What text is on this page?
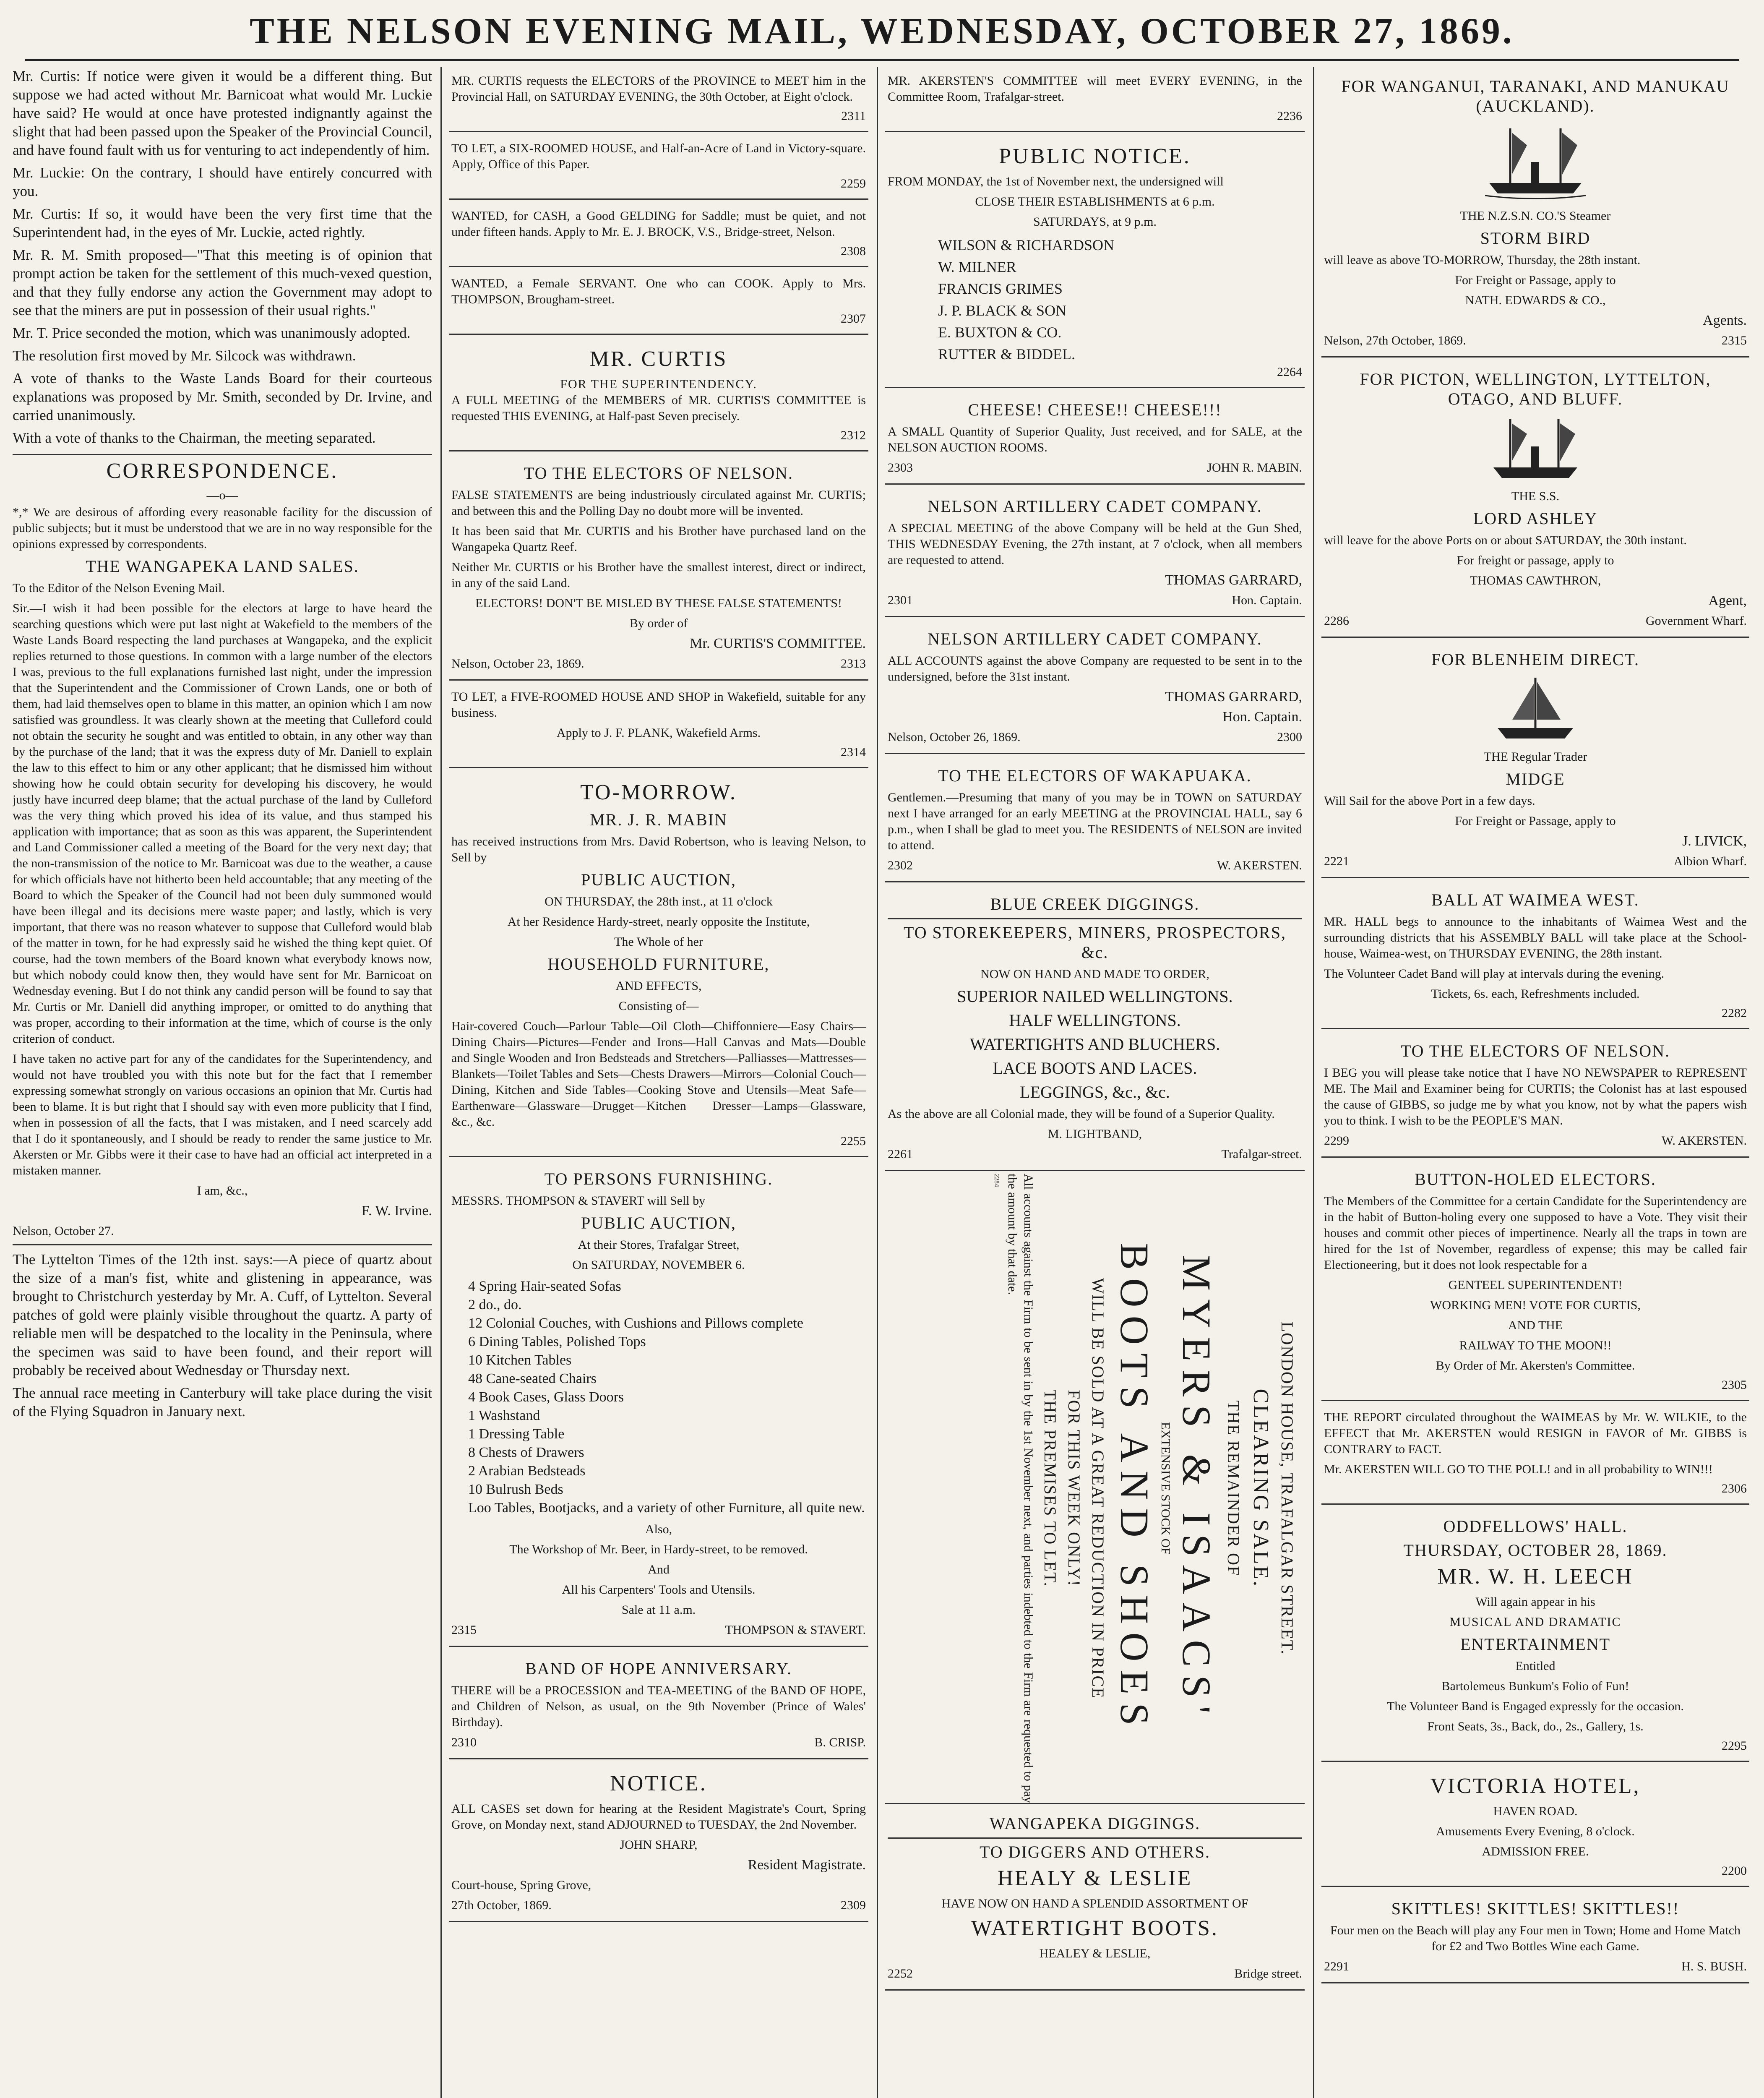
THE NELSON EVENING MAIL, WEDNESDAY, OCTOBER 27, 1869.

Mr. Curtis: If notice were given it would be a different thing. But suppose we had acted without Mr. Barnicoat what would Mr. Luckie have said? He would at once have protested indignantly against the slight that had been passed upon the Speaker of the Provincial Council, and have found fault with us for venturing to act independently of him.

Mr. Luckie: On the contrary, I should have entirely concurred with you.

Mr. Curtis: If so, it would have been the very first time that the Superintendent had, in the eyes of Mr. Luckie, acted rightly.

Mr. R. M. Smith proposed—"That this meeting is of opinion that prompt action be taken for the settlement of this much-vexed question, and that they fully endorse any action the Government may adopt to see that the miners are put in possession of their usual rights."

Mr. T. Price seconded the motion, which was unanimously adopted.

The resolution first moved by Mr. Silcock was withdrawn.

A vote of thanks to the Waste Lands Board for their courteous explanations was proposed by Mr. Smith, seconded by Dr. Irvine, and carried unanimously.

With a vote of thanks to the Chairman, the meeting separated.

CORRESPONDENCE.
—o—

*,* We are desirous of affording every reasonable facility for the discussion of public subjects; but it must be understood that we are in no way responsible for the opinions expressed by correspondents.

THE WANGAPEKA LAND SALES.

To the Editor of the Nelson Evening Mail.

Sir.—I wish it had been possible for the electors at large to have heard the searching questions which were put last night at Wakefield to the members of the Waste Lands Board respecting the land purchases at Wangapeka, and the explicit replies returned to those questions. In common with a large number of the electors I was, previous to the full explanations furnished last night, under the impression that the Superintendent and the Commissioner of Crown Lands, one or both of them, had laid themselves open to blame in this matter, an opinion which I am now satisfied was groundless. It was clearly shown at the meeting that Culleford could not obtain the security he sought and was entitled to obtain, in any other way than by the purchase of the land; that it was the express duty of Mr. Daniell to explain the law to this effect to him or any other applicant; that he dismissed him without showing how he could obtain security for developing his discovery, he would justly have incurred deep blame; that the actual purchase of the land by Culleford was the very thing which proved his idea of its value, and thus stamped his application with importance; that as soon as this was apparent, the Superintendent and Land Commissioner called a meeting of the Board for the very next day; that the non-transmission of the notice to Mr. Barnicoat was due to the weather, a cause for which officials have not hitherto been held accountable; that any meeting of the Board to which the Speaker of the Council had not been duly summoned would have been illegal and its decisions mere waste paper; and lastly, which is very important, that there was no reason whatever to suppose that Culleford would blab of the matter in town, for he had expressly said he wished the thing kept quiet. Of course, had the town members of the Board known what everybody knows now, but which nobody could know then, they would have sent for Mr. Barnicoat on Wednesday evening. But I do not think any candid person will be found to say that Mr. Curtis or Mr. Daniell did anything improper, or omitted to do anything that was proper, according to their information at the time, which of course is the only criterion of conduct.

I have taken no active part for any of the candidates for the Superintendency, and would not have troubled you with this note but for the fact that I remember expressing somewhat strongly on various occasions an opinion that Mr. Curtis had been to blame. It is but right that I should say with even more publicity that I find, when in possession of all the facts, that I was mistaken, and I need scarcely add that I do it spontaneously, and I should be ready to render the same justice to Mr. Akersten or Mr. Gibbs were it their case to have had an official act interpreted in a mistaken manner.

I am, &c.,

F. W. Irvine.

Nelson, October 27.

The Lyttelton Times of the 12th inst. says:—A piece of quartz about the size of a man's fist, white and glistening in appearance, was brought to Christchurch yesterday by Mr. A. Cuff, of Lyttelton. Several patches of gold were plainly visible throughout the quartz. A party of reliable men will be despatched to the locality in the Peninsula, where the specimen was said to have been found, and their report will probably be received about Wednesday or Thursday next.

The annual race meeting in Canterbury will take place during the visit of the Flying Squadron in January next.

MR. CURTIS requests the ELECTORS of the PROVINCE to MEET him in the Provincial Hall, on SATURDAY EVENING, the 30th October, at Eight o'clock.

2311

TO LET, a SIX-ROOMED HOUSE, and Half-an-Acre of Land in Victory-square. Apply, Office of this Paper.

2259

WANTED, for CASH, a Good GELDING for Saddle; must be quiet, and not under fifteen hands. Apply to Mr. E. J. BROCK, V.S., Bridge-street, Nelson.

2308

WANTED, a Female SERVANT. One who can COOK. Apply to Mrs. THOMPSON, Brougham-street.

2307
MR. CURTIS
FOR THE SUPERINTENDENCY.

A FULL MEETING of the MEMBERS of MR. CURTIS'S COMMITTEE is requested THIS EVENING, at Half-past Seven precisely.

2312
TO THE ELECTORS OF NELSON.

FALSE STATEMENTS are being industriously circulated against Mr. CURTIS; and between this and the Polling Day no doubt more will be invented.

It has been said that Mr. CURTIS and his Brother have purchased land on the Wangapeka Quartz Reef.

Neither Mr. CURTIS or his Brother have the smallest interest, direct or indirect, in any of the said Land.

ELECTORS! DON'T BE MISLED BY THESE FALSE STATEMENTS!

By order of

Mr. CURTIS'S COMMITTEE.

Nelson, October 23, 1869.	2313

TO LET, a FIVE-ROOMED HOUSE AND SHOP in Wakefield, suitable for any business.

Apply to J. F. PLANK, Wakefield Arms.

2314
TO-MORROW.
MR. J. R. MABIN

has received instructions from Mrs. David Robertson, who is leaving Nelson, to Sell by

PUBLIC AUCTION,

ON THURSDAY, the 28th inst., at 11 o'clock

At her Residence Hardy-street, nearly opposite the Institute,

The Whole of her

HOUSEHOLD FURNITURE,

AND EFFECTS,

Consisting of—

Hair-covered Couch—Parlour Table—Oil Cloth—Chiffonniere—Easy Chairs—Dining Chairs—Pictures—Fender and Irons—Hall Canvas and Mats—Double and Single Wooden and Iron Bedsteads and Stretchers—Palliasses—Mattresses—Blankets—Toilet Tables and Sets—Chests Drawers—Mirrors—Colonial Couch—Dining, Kitchen and Side Tables—Cooking Stove and Utensils—Meat Safe—Earthenware—Glassware—Drugget—Kitchen Dresser—Lamps—Glassware, &c., &c.

2255
TO PERSONS FURNISHING.

MESSRS. THOMPSON & STAVERT will Sell by

PUBLIC AUCTION,

At their Stores, Trafalgar Street,

On SATURDAY, NOVEMBER 6.

4 Spring Hair-seated Sofas
2 do., do.
12 Colonial Couches, with Cushions and Pillows complete
6 Dining Tables, Polished Tops
10 Kitchen Tables
48 Cane-seated Chairs
4 Book Cases, Glass Doors
1 Washstand
1 Dressing Table
8 Chests of Drawers
2 Arabian Bedsteads
10 Bulrush Beds
Loo Tables, Bootjacks, and a variety of other Furniture, all quite new.

Also,

The Workshop of Mr. Beer, in Hardy-street, to be removed.

And

All his Carpenters' Tools and Utensils.

Sale at 11 a.m.

2315	THOMPSON & STAVERT.
BAND OF HOPE ANNIVERSARY.

THERE will be a PROCESSION and TEA-MEETING of the BAND OF HOPE, and Children of Nelson, as usual, on the 9th November (Prince of Wales' Birthday).

2310	B. CRISP.
NOTICE.

ALL CASES set down for hearing at the Resident Magistrate's Court, Spring Grove, on Monday next, stand ADJOURNED to TUESDAY, the 2nd November.

JOHN SHARP,

Resident Magistrate.

Court-house, Spring Grove,

27th October, 1869.	2309

MR. AKERSTEN'S COMMITTEE will meet EVERY EVENING, in the Committee Room, Trafalgar-street.

2236
PUBLIC NOTICE.

FROM MONDAY, the 1st of November next, the undersigned will

CLOSE THEIR ESTABLISHMENTS at 6 p.m.

SATURDAYS, at 9 p.m.

WILSON & RICHARDSON
W. MILNER
FRANCIS GRIMES
J. P. BLACK & SON
E. BUXTON & CO.
RUTTER & BIDDEL.
2264
CHEESE! CHEESE!! CHEESE!!!

A SMALL Quantity of Superior Quality, Just received, and for SALE, at the NELSON AUCTION ROOMS.

2303	JOHN R. MABIN.
NELSON ARTILLERY CADET COMPANY.

A SPECIAL MEETING of the above Company will be held at the Gun Shed, THIS WEDNESDAY Evening, the 27th instant, at 7 o'clock, when all members are requested to attend.

THOMAS GARRARD,

2301	Hon. Captain.
NELSON ARTILLERY CADET COMPANY.

ALL ACCOUNTS against the above Company are requested to be sent in to the undersigned, before the 31st instant.

THOMAS GARRARD,

Hon. Captain.

Nelson, October 26, 1869.	2300
TO THE ELECTORS OF WAKAPUAKA.

Gentlemen.—Presuming that many of you may be in TOWN on SATURDAY next I have arranged for an early MEETING at the PROVINCIAL HALL, say 6 p.m., when I shall be glad to meet you. The RESIDENTS of NELSON are invited to attend.

2302	W. AKERSTEN.
BLUE CREEK DIGGINGS.
TO STOREKEEPERS, MINERS, PROSPECTORS, &c.

NOW ON HAND AND MADE TO ORDER,

SUPERIOR NAILED WELLINGTONS.
HALF WELLINGTONS.
WATERTIGHTS AND BLUCHERS.
LACE BOOTS AND LACES.
LEGGINGS, &c., &c.

As the above are all Colonial made, they will be found of a Superior Quality.

M. LIGHTBAND,

2261	Trafalgar-street.
LONDON HOUSE, TRAFALGAR STREET.
CLEARING SALE.
THE REMAINDER OF
MYERS & ISAACS'
EXTENSIVE STOCK OF
BOOTS AND SHOES
WILL BE SOLD AT A GREAT REDUCTION IN PRICE
FOR THIS WEEK ONLY!
THE PREMISES TO LET.

All accounts against the Firm to be sent in by the 1st November next, and parties indebted to the Firm are requested to pay the amount by that date.

2284
WANGAPEKA DIGGINGS.
TO DIGGERS AND OTHERS.
HEALY & LESLIE

HAVE NOW ON HAND A SPLENDID ASSORTMENT OF

WATERTIGHT BOOTS.

HEALEY & LESLIE,

2252	Bridge street.
FOR WANGANUI, TARANAKI, AND MANUKAU (AUCKLAND).

THE N.Z.S.N. CO.'S Steamer

STORM BIRD

will leave as above TO-MORROW, Thursday, the 28th instant.

For Freight or Passage, apply to

NATH. EDWARDS & CO.,

Agents.

Nelson, 27th October, 1869.	2315
FOR PICTON, WELLINGTON, LYTTELTON, OTAGO, AND BLUFF.

THE S.S.

LORD ASHLEY

will leave for the above Ports on or about SATURDAY, the 30th instant.

For freight or passage, apply to

THOMAS CAWTHRON,

Agent,

2286	Government Wharf.
FOR BLENHEIM DIRECT.

THE Regular Trader

MIDGE

Will Sail for the above Port in a few days.

For Freight or Passage, apply to

J. LIVICK,

2221	Albion Wharf.
BALL AT WAIMEA WEST.

MR. HALL begs to announce to the inhabitants of Waimea West and the surrounding districts that his ASSEMBLY BALL will take place at the School-house, Waimea-west, on THURSDAY EVENING, the 28th instant.

The Volunteer Cadet Band will play at intervals during the evening.

Tickets, 6s. each, Refreshments included.

2282
TO THE ELECTORS OF NELSON.

I BEG you will please take notice that I have NO NEWSPAPER to REPRESENT ME. The Mail and Examiner being for CURTIS; the Colonist has at last espoused the cause of GIBBS, so judge me by what you know, not by what the papers wish you to think. I wish to be the PEOPLE'S MAN.

2299	W. AKERSTEN.
BUTTON-HOLED ELECTORS.

The Members of the Committee for a certain Candidate for the Superintendency are in the habit of Button-holing every one supposed to have a Vote. They visit their houses and commit other pieces of impertinence. Nearly all the traps in town are hired for the 1st of November, regardless of expense; this may be called fair Electioneering, but it does not look respectable for a

GENTEEL SUPERINTENDENT!

WORKING MEN! VOTE FOR CURTIS,

AND THE

RAILWAY TO THE MOON!!

By Order of Mr. Akersten's Committee.

2305

THE REPORT circulated throughout the WAIMEAS by Mr. W. WILKIE, to the EFFECT that Mr. AKERSTEN would RESIGN in FAVOR of Mr. GIBBS is CONTRARY to FACT.

Mr. AKERSTEN WILL GO TO THE POLL! and in all probability to WIN!!!

2306
ODDFELLOWS' HALL.
THURSDAY, OCTOBER 28, 1869.
MR. W. H. LEECH

Will again appear in his

MUSICAL AND DRAMATIC

ENTERTAINMENT

Entitled

Bartolemeus Bunkum's Folio of Fun!

The Volunteer Band is Engaged expressly for the occasion.

Front Seats, 3s., Back, do., 2s., Gallery, 1s.

2295
VICTORIA HOTEL,

HAVEN ROAD.

Amusements Every Evening, 8 o'clock.

ADMISSION FREE.

2200
SKITTLES! SKITTLES! SKITTLES!!

Four men on the Beach will play any Four men in Town; Home and Home Match for £2 and Two Bottles Wine each Game.

2291	H. S. BUSH.
